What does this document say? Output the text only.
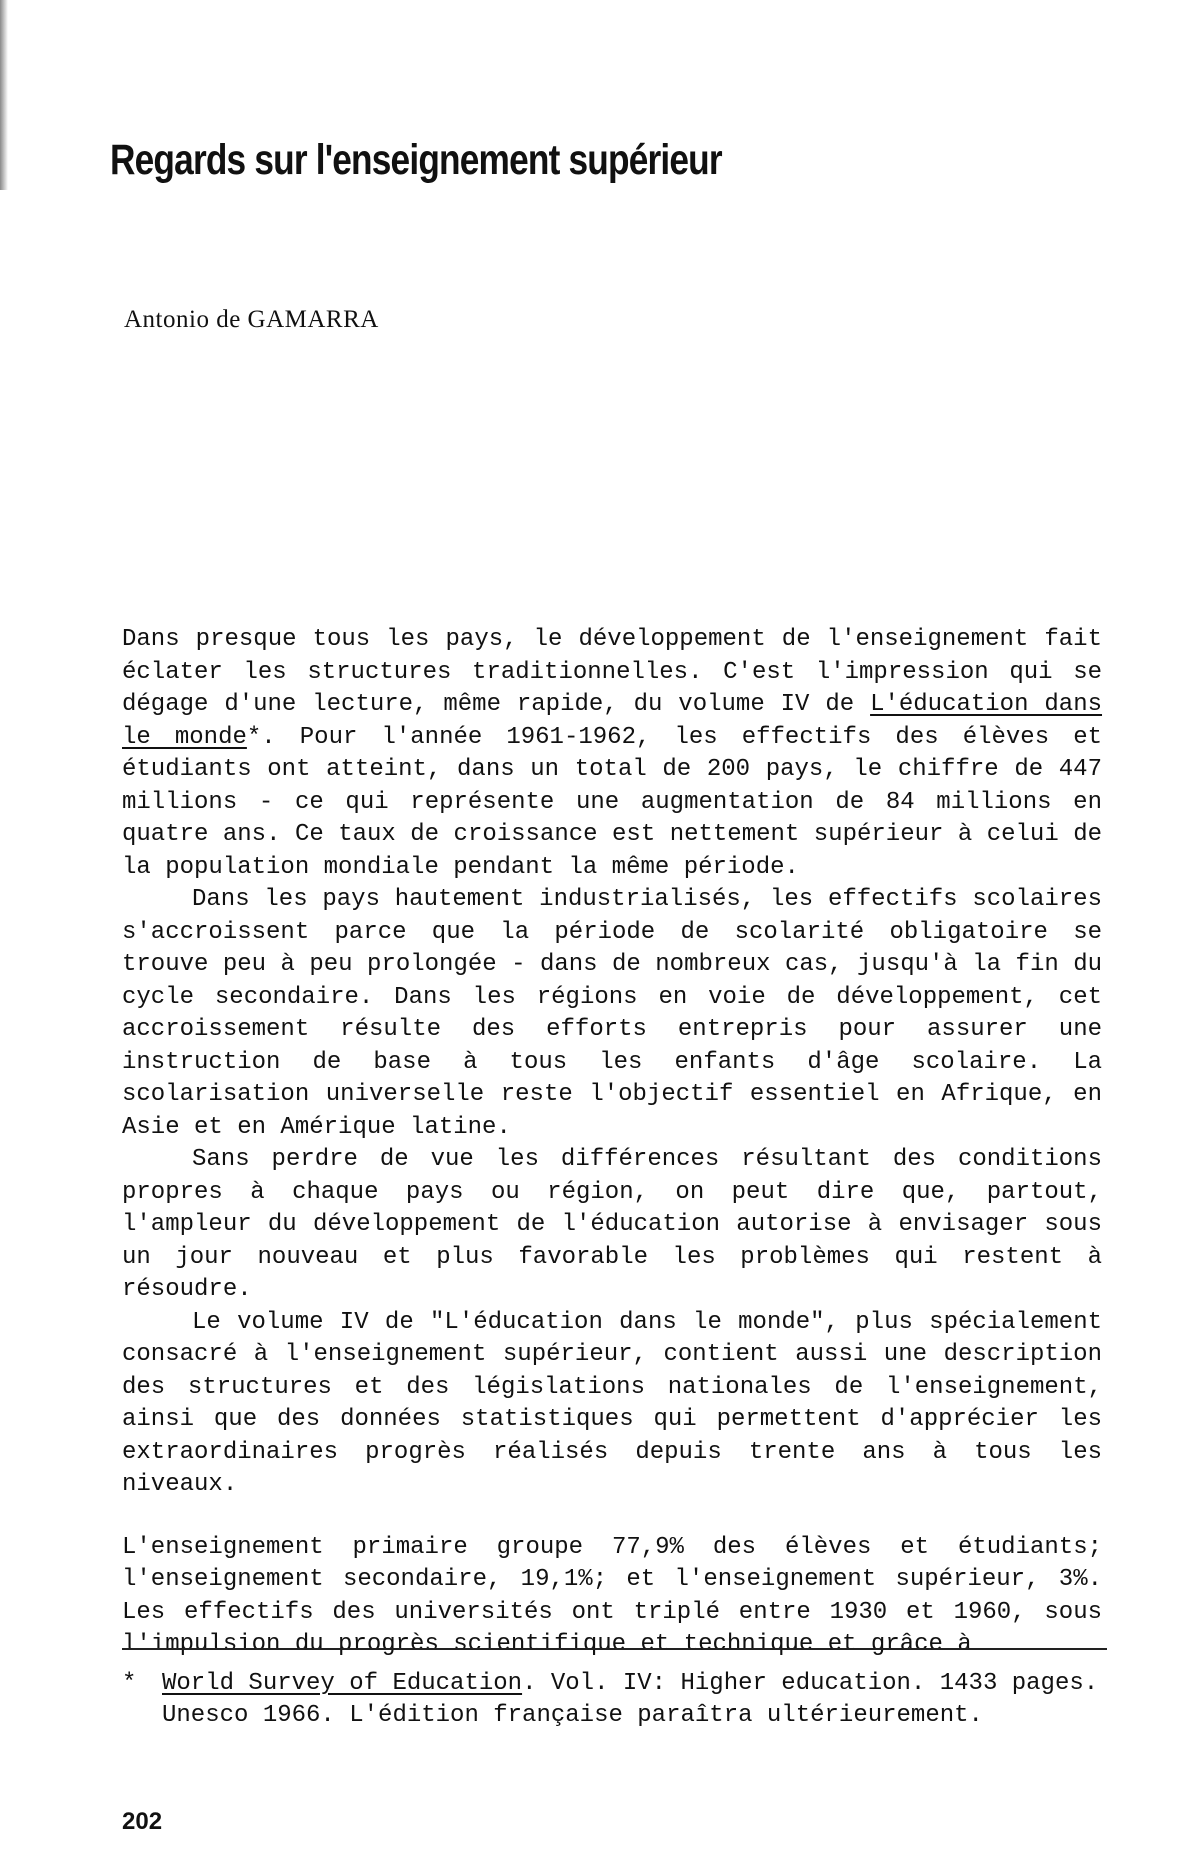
Regards sur l'enseignement supérieur
Antonio de GAMARRA

Dans presque tous les pays, le développement de l'enseignement fait éclater les structures traditionnelles. C'est l'impression qui se dégage d'une lecture, même rapide, du volume IV de L'éducation dans le monde*. Pour l'année 1961-1962, les effectifs des élèves et étudiants ont atteint, dans un total de 200 pays, le chiffre de 447 millions - ce qui représente une augmentation de 84 millions en quatre ans. Ce taux de croissance est nettement supérieur à celui de la population mondiale pendant la même période.

Dans les pays hautement industrialisés, les effectifs scolaires s'accroissent parce que la période de scolarité obligatoire se trouve peu à peu prolongée - dans de nombreux cas, jusqu'à la fin du cycle secondaire. Dans les régions en voie de développement, cet accroissement résulte des efforts entrepris pour assurer une instruction de base à tous les enfants d'âge scolaire. La scolarisation universelle reste l'objectif essentiel en Afrique, en Asie et en Amérique latine.

Sans perdre de vue les différences résultant des conditions propres à chaque pays ou région, on peut dire que, partout, l'ampleur du développement de l'éducation autorise à envisager sous un jour nouveau et plus favorable les problèmes qui restent à résoudre.

Le volume IV de "L'éducation dans le monde", plus spécialement consacré à l'enseignement supérieur, contient aussi une description des structures et des législations nationales de l'enseignement, ainsi que des données statistiques qui permettent d'apprécier les extraordinaires progrès réalisés depuis trente ans à tous les niveaux.

L'enseignement primaire groupe 77,9% des élèves et étudiants; l'enseignement secondaire, 19,1%; et l'enseignement supérieur, 3%. Les effectifs des universités ont triplé entre 1930 et 1960, sous l'impulsion du progrès scientifique et technique et grâce à

* World Survey of Education. Vol. IV: Higher education. 1433 pages.
Unesco 1966. L'édition française paraîtra ultérieurement.
202
